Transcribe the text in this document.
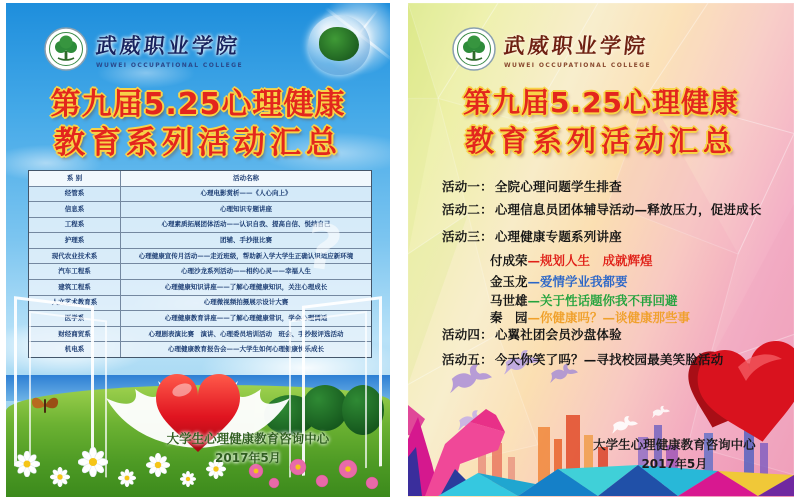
武威职业学院
WUWEI OCCUPATIONAL COLLEGE
第九届5.25心理健康
教育系列活动汇总
系 别	活动名称
经管系	心理电影赏析——《人心向上》
信息系	心理知识专题讲座
工程系	心理素质拓展团体活动——认识自我、提高自信、悦纳自己
护理系	团辅、手抄报比赛
现代农业技术系	心理健康宣传月活动——走近班级，帮助新入学大学生正确认识适应新环境
汽车工程系	心理沙龙系列活动——相约心灵——幸福人生
建筑工程系	心理健康知识讲座——了解心理健康知识，关注心理成长
人文艺术教育系	心理微视频拍摄展示设计大赛
医学系	心理健康教育讲座——了解心理健康常识，学会心理调适
财经商贸系	心理剧表演比赛　演讲、心理委员培训活动　班会、手抄报评选活动
机电系	心理健康教育报告会——大学生如何心理健康快乐成长
?
大学生心理健康教育咨询中心
2017年5月
武威职业学院
WUWEI OCCUPATIONAL COLLEGE
第九届5.25心理健康
教育系列活动汇总
活动一： 全院心理问题学生排查
活动二： 心理信息员团体辅导活动—释放压力，促进成长
活动三： 心理健康专题系列讲座
付成荣—规划人生　成就辉煌
金玉龙—爱情学业我都要
马世雄—关于性话题你我不再回避
秦　园—你健康吗？—谈健康那些事
活动四： 心翼社团会员沙盘体验
活动五： 今天你笑了吗？—寻找校园最美笑脸活动
大学生心理健康教育咨询中心
2017年5月
